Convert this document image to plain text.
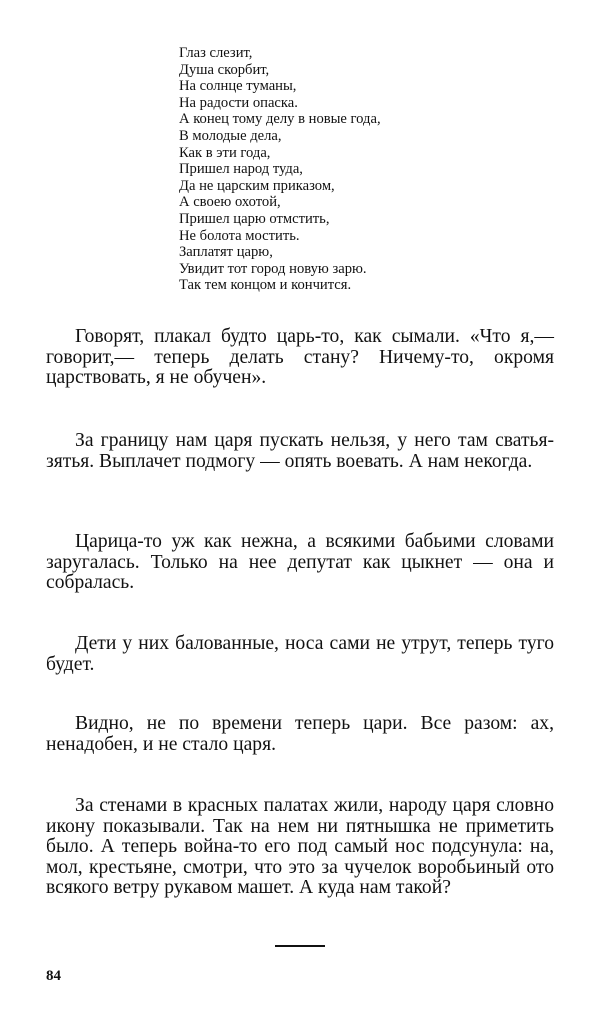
Глаз слезит,
Душа скорбит,
На солнце туманы,
На радости опаска.
А конец тому делу в новые года,
В молодые дела,
Как в эти года,
Пришел народ туда,
Да не царским приказом,
А своею охотой,
Пришел царю отмстить,
Не болота мостить.
Заплатят царю,
Увидит тот город новую зарю.
Так тем концом и кончится.

Говорят, плакал будто царь-то, как сымали. «Что я,— говорит,— теперь делать стану? Ничему-то, окромя царствовать, я не обучен».

За границу нам царя пускать нельзя, у него там сватья-зятья. Выплачет подмогу — опять воевать. А нам некогда.

Царица-то уж как нежна, а всякими бабьими словами заругалась. Только на нее депутат как цыкнет — она и собралась.

Дети у них балованные, носа сами не утрут, теперь туго будет.

Видно, не по времени теперь цари. Все разом: ах, ненадобен, и не стало царя.

За стенами в красных палатах жили, народу царя словно икону показывали. Так на нем ни пятнышка не приметить было. А теперь война-то его под самый нос подсунула: на, мол, крестьяне, смотри, что это за чучелок воробьиный ото всякого ветру рукавом машет. А куда нам такой?

84
